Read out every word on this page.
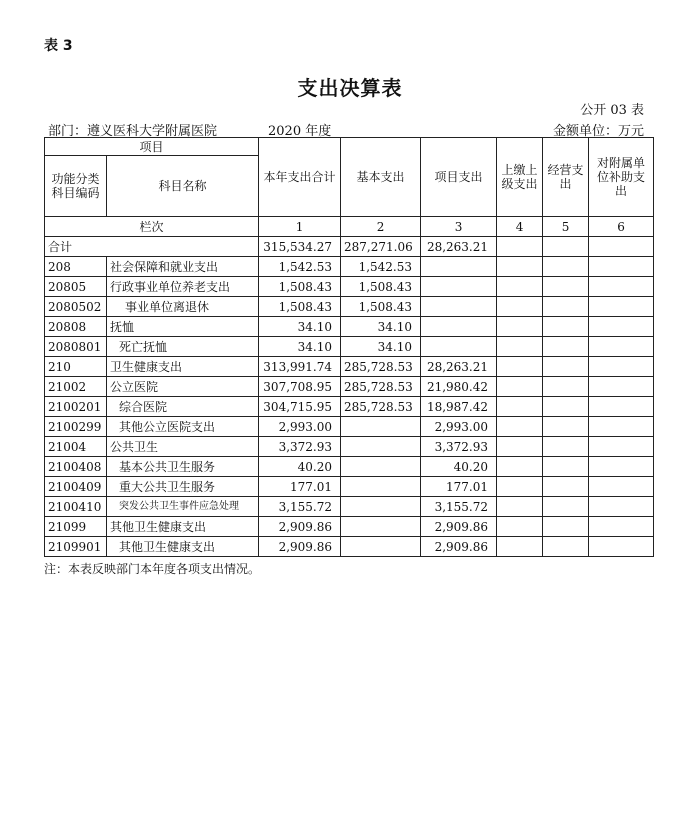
表 3
支出决算表
公开 03 表
部门：遵义医科大学附属医院	2020 年度	金额单位：万元
项目		本年支出合计	基本支出	项目支出	上缴上级支出	经营支出	对附属单位补助支出
功能分类科目编码	科目名称						
栏次		1	2	3	4	5	6
合计		315,534.27	287,271.06	28,263.21			
208	社会保障和就业支出	1,542.53	1,542.53				
20805	行政事业单位养老支出	1,508.43	1,508.43				
2080502	事业单位离退休	1,508.43	1,508.43				
20808	抚恤	34.10	34.10				
2080801	死亡抚恤	34.10	34.10				
210	卫生健康支出	313,991.74	285,728.53	28,263.21			
21002	公立医院	307,708.95	285,728.53	21,980.42			
2100201	综合医院	304,715.95	285,728.53	18,987.42			
2100299	其他公立医院支出	2,993.00		2,993.00			
21004	公共卫生	3,372.93		3,372.93			
2100408	基本公共卫生服务	40.20		40.20			
2100409	重大公共卫生服务	177.01		177.01			
2100410	突发公共卫生事件应急处理	3,155.72		3,155.72			
21099	其他卫生健康支出	2,909.86		2,909.86			
2109901	其他卫生健康支出	2,909.86		2,909.86			
注：本表反映部门本年度各项支出情况。
